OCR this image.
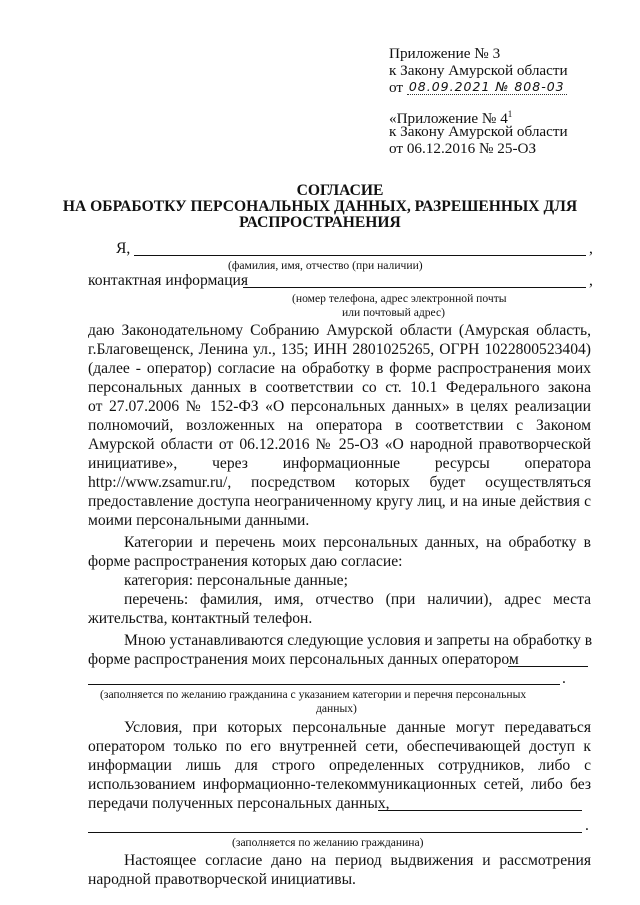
Приложение № 3
к Закону Амурской области
от 08.09.2021 № 808-03
«Приложение № $4^1$
к Закону Амурской области
от 06.12.2016 № 25-ОЗ
СОГЛАСИЕ
НА ОБРАБОТКУ ПЕРСОНАЛЬНЫХ ДАННЫХ, РАЗРЕШЕННЫХ ДЛЯ
РАСПРОСТРАНЕНИЯ
Я,	,
(фамилия, имя, отчество (при наличии)
контактная информация	,
(номер телефона, адрес электронной почты
или почтовый адрес)
даю Законодательному Собранию Амурской области (Амурская область,
г.Благовещенск, Ленина ул., 135; ИНН 2801025265, ОГРН 1022800523404)
(далее - оператор) согласие на обработку в форме распространения моих
персональных данных в соответствии со ст. 10.1 Федерального закона
от 27.07.2006 № 152-ФЗ «О персональных данных» в целях реализации
полномочий, возложенных на оператора в соответствии с Законом
Амурской области от 06.12.2016 № 25-ОЗ «О народной правотворческой
инициативе», через информационные ресурсы оператора
http://www.zsamur.ru/, посредством которых будет осуществляться
предоставление доступа неограниченному кругу лиц, и на иные действия с
моими персональными данными.
Категории и перечень моих персональных данных, на обработку в
форме распространения которых даю согласие:
категория: персональные данные;
перечень: фамилия, имя, отчество (при наличии), адрес места
жительства, контактный телефон.
Мною устанавливаются следующие условия и запреты на обработку в
форме распространения моих персональных данных оператором
.
(заполняется по желанию гражданина с указанием категории и перечня персональных
данных)
Условия, при которых персональные данные могут передаваться
оператором только по его внутренней сети, обеспечивающей доступ к
информации лишь для строго определенных сотрудников, либо с
использованием информационно-телекоммуникационных сетей, либо без
передачи полученных персональных данных,
.
(заполняется по желанию гражданина)
Настоящее согласие дано на период выдвижения и рассмотрения
народной правотворческой инициативы.
